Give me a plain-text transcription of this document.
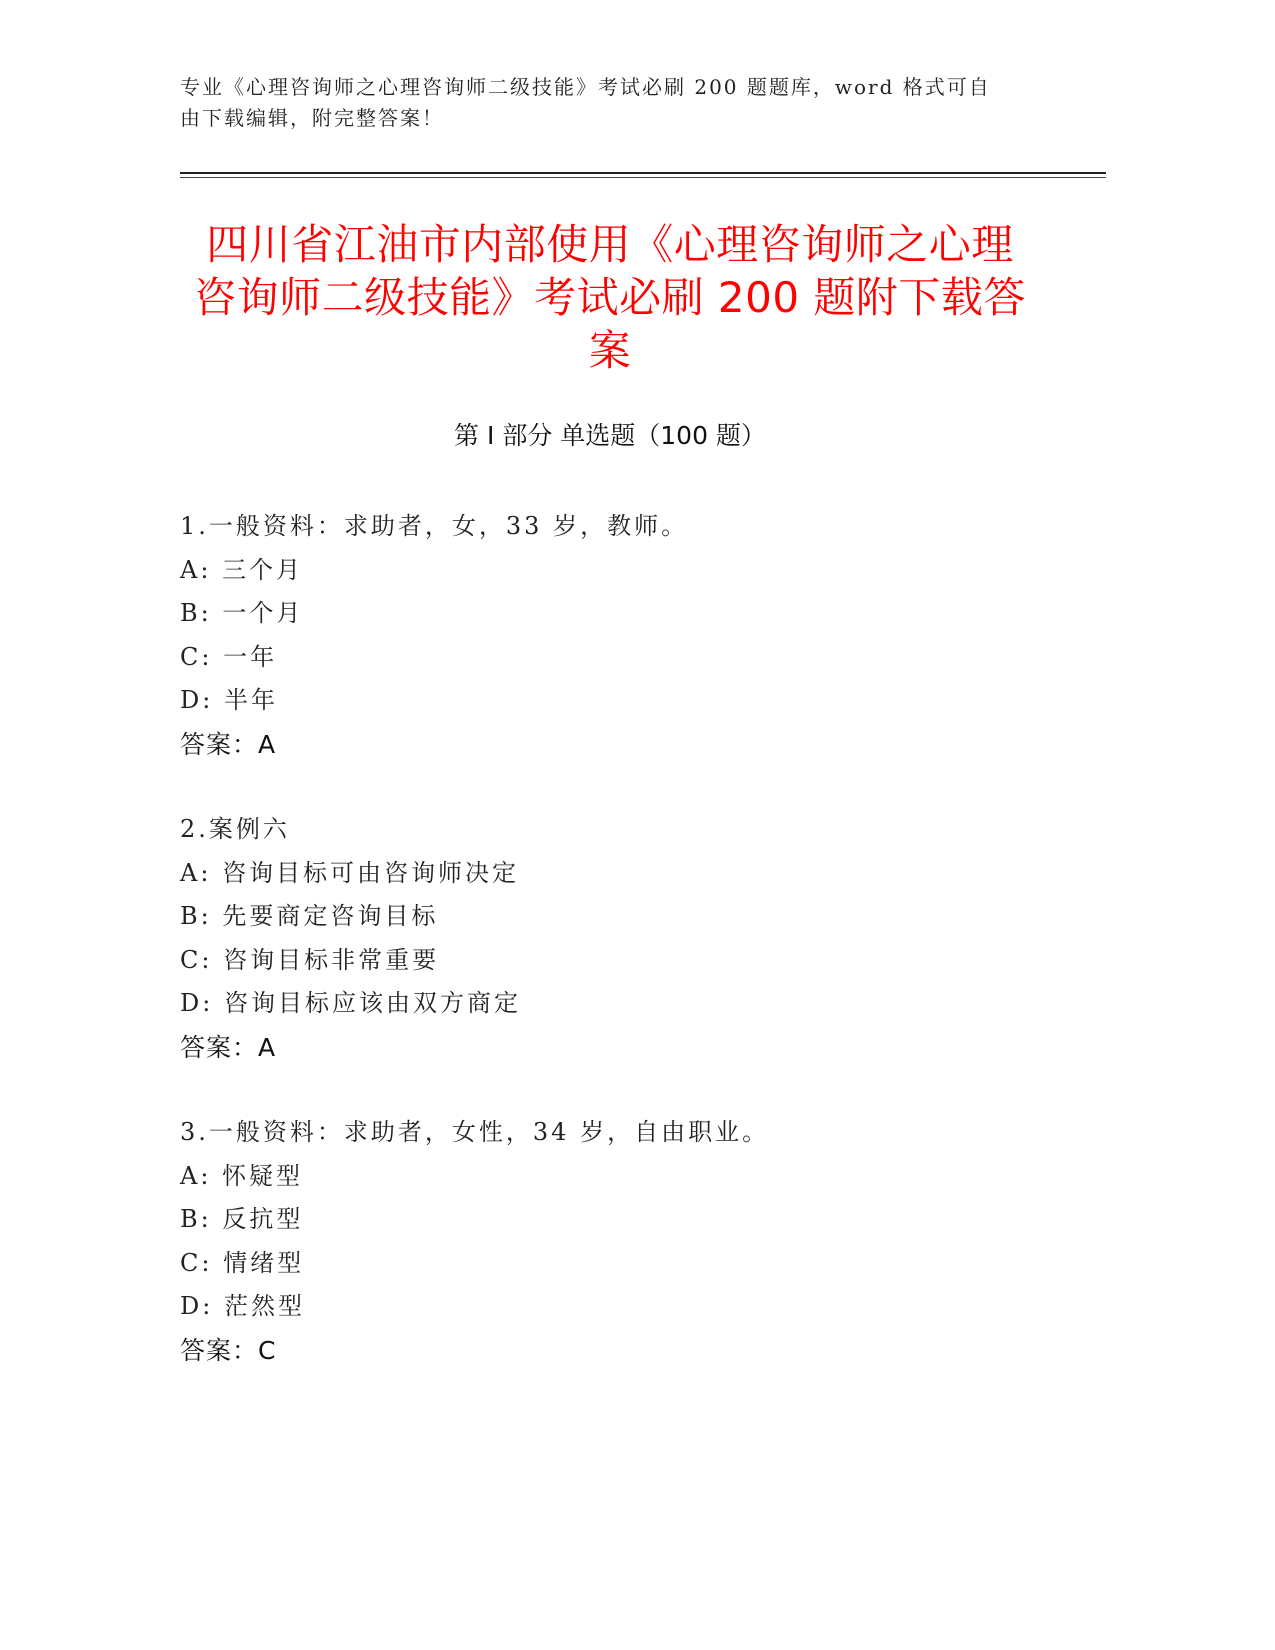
专业《心理咨询师之心理咨询师二级技能》考试必刷 200 题题库，word 格式可自
由下载编辑，附完整答案！
四川省江油市内部使用《心理咨询师之心理
咨询师二级技能》考试必刷 200 题附下载答
案
第 I 部分 单选题（100 题）
1.一般资料：求助者，女，33 岁，教师。
A: 三个月
B: 一个月
C: 一年
D: 半年
答案：A
2.案例六
A: 咨询目标可由咨询师决定
B: 先要商定咨询目标
C: 咨询目标非常重要
D: 咨询目标应该由双方商定
答案：A
3.一般资料：求助者，女性，34 岁，自由职业。
A: 怀疑型
B: 反抗型
C: 情绪型
D: 茫然型
答案：C
